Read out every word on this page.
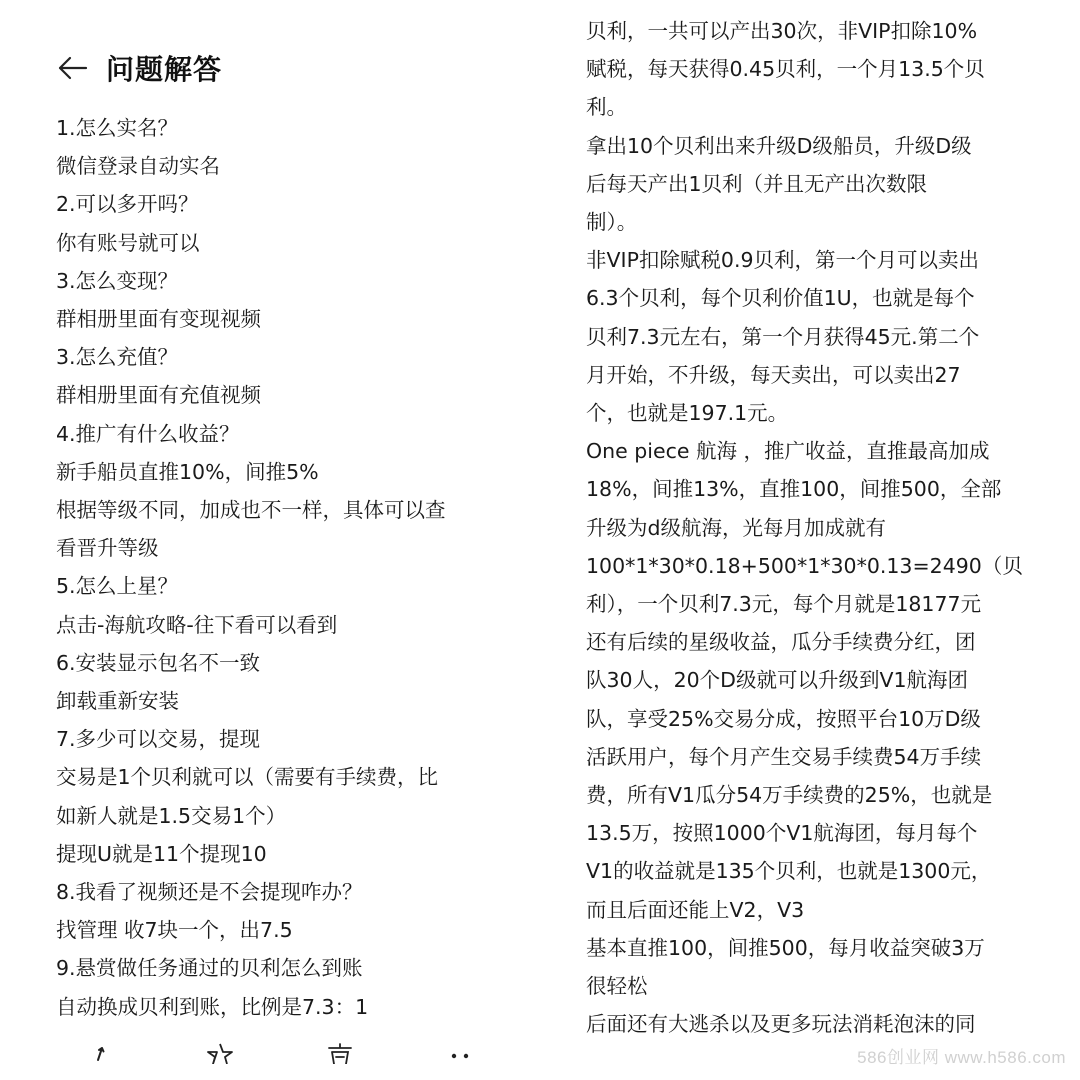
问题解答
1.怎么实名？
微信登录自动实名
2.可以多开吗？
你有账号就可以
3.怎么变现？
群相册里面有变现视频
3.怎么充值？
群相册里面有充值视频
4.推广有什么收益？
新手船员直推10%，间推5%
根据等级不同，加成也不一样，具体可以查
看晋升等级
5.怎么上星？
点击-海航攻略-往下看可以看到
6.安装显示包名不一致
卸载重新安装
7.多少可以交易，提现
交易是1个贝利就可以（需要有手续费，比
如新人就是1.5交易1个）
提现U就是11个提现10
8.我看了视频还是不会提现咋办？
找管理 收7块一个，出7.5
9.悬赏做任务通过的贝利怎么到账
自动换成贝利到账，比例是7.3：1
贝利，一共可以产出30次，非VIP扣除10%
赋税，每天获得0.45贝利，一个月13.5个贝
利。
拿出10个贝利出来升级D级船员，升级D级
后每天产出1贝利（并且无产出次数限
制）。
非VIP扣除赋税0.9贝利，第一个月可以卖出
6.3个贝利，每个贝利价值1U，也就是每个
贝利7.3元左右，第一个月获得45元.第二个
月开始，不升级，每天卖出，可以卖出27
个，也就是197.1元。
One piece 航海 ，推广收益，直推最高加成
18%，间推13%，直推100，间推500，全部
升级为d级航海，光每月加成就有
100*1*30*0.18+500*1*30*0.13=2490（贝
利），一个贝利7.3元，每个月就是18177元
还有后续的星级收益，瓜分手续费分红，团
队30人，20个D级就可以升级到V1航海团
队，享受25%交易分成，按照平台10万D级
活跃用户，每个月产生交易手续费54万手续
费，所有V1瓜分54万手续费的25%，也就是
13.5万，按照1000个V1航海团，每月每个
V1的收益就是135个贝利，也就是1300元，
而且后面还能上V2，V3
基本直推100，间推500，每月收益突破3万
很轻松
后面还有大逃杀以及更多玩法消耗泡沫的同
586创业网 www.h586.com
